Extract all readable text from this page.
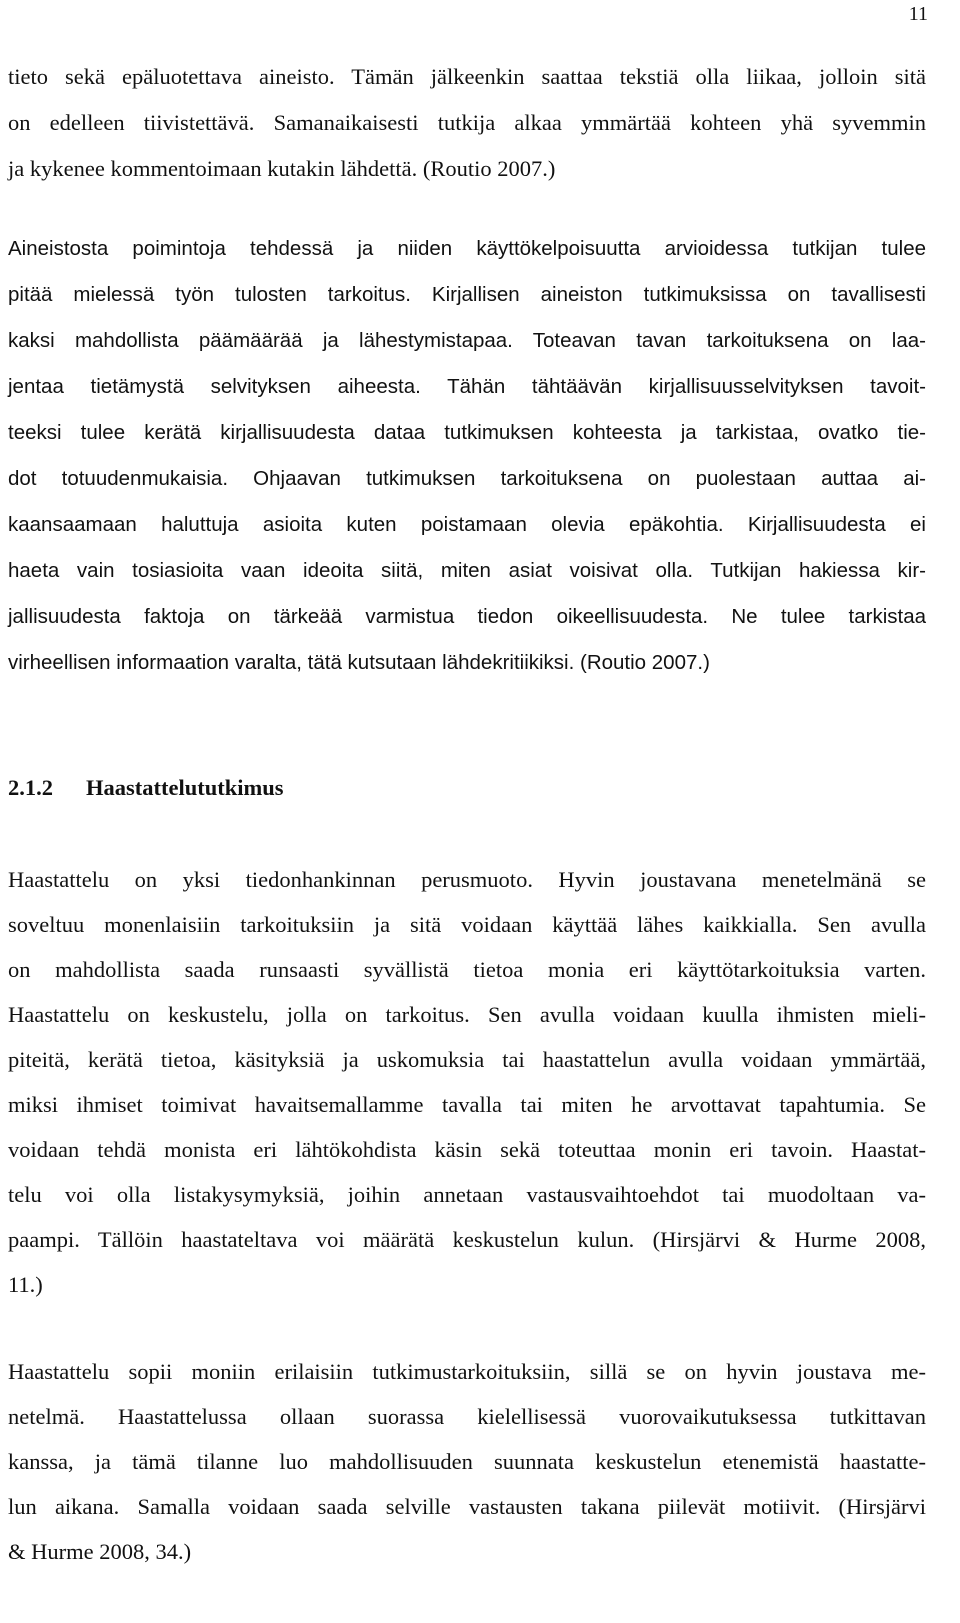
11
tieto sekä epäluotettava aineisto. Tämän jälkeenkin saattaa tekstiä olla liikaa, jolloin sitä
on edelleen tiivistettävä. Samanaikaisesti tutkija alkaa ymmärtää kohteen yhä syvemmin
ja kykenee kommentoimaan kutakin lähdettä. (Routio 2007.)
Aineistosta poimintoja tehdessä ja niiden käyttökelpoisuutta arvioidessa tutkijan tulee
pitää mielessä työn tulosten tarkoitus. Kirjallisen aineiston tutkimuksissa on tavallisesti
kaksi mahdollista päämäärää ja lähestymistapaa. Toteavan tavan tarkoituksena on laa-
jentaa tietämystä selvityksen aiheesta. Tähän tähtäävän kirjallisuusselvityksen tavoit-
teeksi tulee kerätä kirjallisuudesta dataa tutkimuksen kohteesta ja tarkistaa, ovatko tie-
dot totuudenmukaisia. Ohjaavan tutkimuksen tarkoituksena on puolestaan auttaa ai-
kaansaamaan haluttuja asioita kuten poistamaan olevia epäkohtia. Kirjallisuudesta ei
haeta vain tosiasioita vaan ideoita siitä, miten asiat voisivat olla. Tutkijan hakiessa kir-
jallisuudesta faktoja on tärkeää varmistua tiedon oikeellisuudesta. Ne tulee tarkistaa
virheellisen informaation varalta, tätä kutsutaan lähdekritiikiksi. (Routio 2007.)
2.1.2 Haastattelututkimus
Haastattelu on yksi tiedonhankinnan perusmuoto. Hyvin joustavana menetelmänä se
soveltuu monenlaisiin tarkoituksiin ja sitä voidaan käyttää lähes kaikkialla. Sen avulla
on mahdollista saada runsaasti syvällistä tietoa monia eri käyttötarkoituksia varten.
Haastattelu on keskustelu, jolla on tarkoitus. Sen avulla voidaan kuulla ihmisten mieli-
piteitä, kerätä tietoa, käsityksiä ja uskomuksia tai haastattelun avulla voidaan ymmärtää,
miksi ihmiset toimivat havaitsemallamme tavalla tai miten he arvottavat tapahtumia. Se
voidaan tehdä monista eri lähtökohdista käsin sekä toteuttaa monin eri tavoin. Haastat-
telu voi olla listakysymyksiä, joihin annetaan vastausvaihtoehdot tai muodoltaan va-
paampi. Tällöin haastateltava voi määrätä keskustelun kulun. (Hirsjärvi & Hurme 2008,
11.)
Haastattelu sopii moniin erilaisiin tutkimustarkoituksiin, sillä se on hyvin joustava me-
netelmä. Haastattelussa ollaan suorassa kielellisessä vuorovaikutuksessa tutkittavan
kanssa, ja tämä tilanne luo mahdollisuuden suunnata keskustelun etenemistä haastatte-
lun aikana. Samalla voidaan saada selville vastausten takana piilevät motiivit. (Hirsjärvi
& Hurme 2008, 34.)
